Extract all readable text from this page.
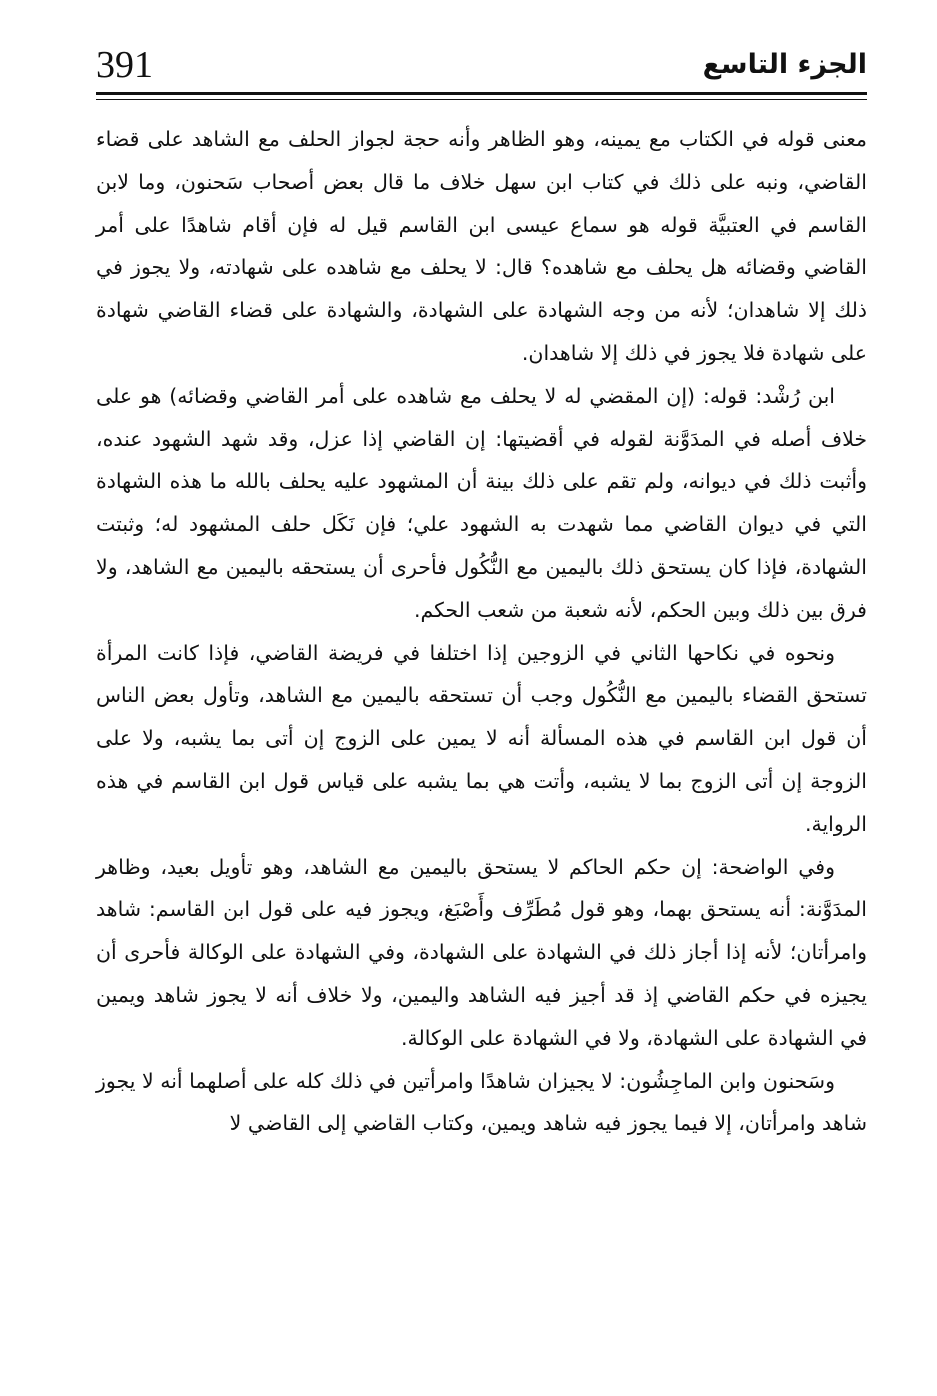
391	الجزء التاسع

معنى قوله في الكتاب مع يمينه، وهو الظاهر وأنه حجة لجواز الحلف مع الشاهد على قضاء القاضي، ونبه على ذلك في كتاب ابن سهل خلاف ما قال بعض أصحاب سَحنون، وما لابن القاسم في العتبيَّة قوله هو سماع عيسى ابن القاسم قيل له فإن أقام شاهدًا على أمر القاضي وقضائه هل يحلف مع شاهده؟ قال: لا يحلف مع شاهده على شهادته، ولا يجوز في ذلك إلا شاهدان؛ لأنه من وجه الشهادة على الشهادة، والشهادة على قضاء القاضي شهادة على شهادة فلا يجوز في ذلك إلا شاهدان.

ابن رُشْد: قوله: (إن المقضي له لا يحلف مع شاهده على أمر القاضي وقضائه) هو على خلاف أصله في المدَوَّنة لقوله في أقضيتها: إن القاضي إذا عزل، وقد شهد الشهود عنده، وأثبت ذلك في ديوانه، ولم تقم على ذلك بينة أن المشهود عليه يحلف بالله ما هذه الشهادة التي في ديوان القاضي مما شهدت به الشهود علي؛ فإن نَكَل حلف المشهود له؛ وثبتت الشهادة، فإذا كان يستحق ذلك باليمين مع النُّكُول فأحرى أن يستحقه باليمين مع الشاهد، ولا فرق بين ذلك وبين الحكم، لأنه شعبة من شعب الحكم.

ونحوه في نكاحها الثاني في الزوجين إذا اختلفا في فريضة القاضي، فإذا كانت المرأة تستحق القضاء باليمين مع النُّكُول وجب أن تستحقه باليمين مع الشاهد، وتأول بعض الناس أن قول ابن القاسم في هذه المسألة أنه لا يمين على الزوج إن أتى بما يشبه، ولا على الزوجة إن أتى الزوج بما لا يشبه، وأتت هي بما يشبه على قياس قول ابن القاسم في هذه الرواية.

وفي الواضحة: إن حكم الحاكم لا يستحق باليمين مع الشاهد، وهو تأويل بعيد، وظاهر المدَوَّنة: أنه يستحق بهما، وهو قول مُطَرِّف وأَصْبَغ، ويجوز فيه على قول ابن القاسم: شاهد وامرأتان؛ لأنه إذا أجاز ذلك في الشهادة على الشهادة، وفي الشهادة على الوكالة فأحرى أن يجيزه في حكم القاضي إذ قد أجيز فيه الشاهد واليمين، ولا خلاف أنه لا يجوز شاهد ويمين في الشهادة على الشهادة، ولا في الشهادة على الوكالة.

وسَحنون وابن الماجِشُون: لا يجيزان شاهدًا وامرأتين في ذلك كله على أصلهما أنه لا يجوز شاهد وامرأتان، إلا فيما يجوز فيه شاهد ويمين، وكتاب القاضي إلى القاضي لا
